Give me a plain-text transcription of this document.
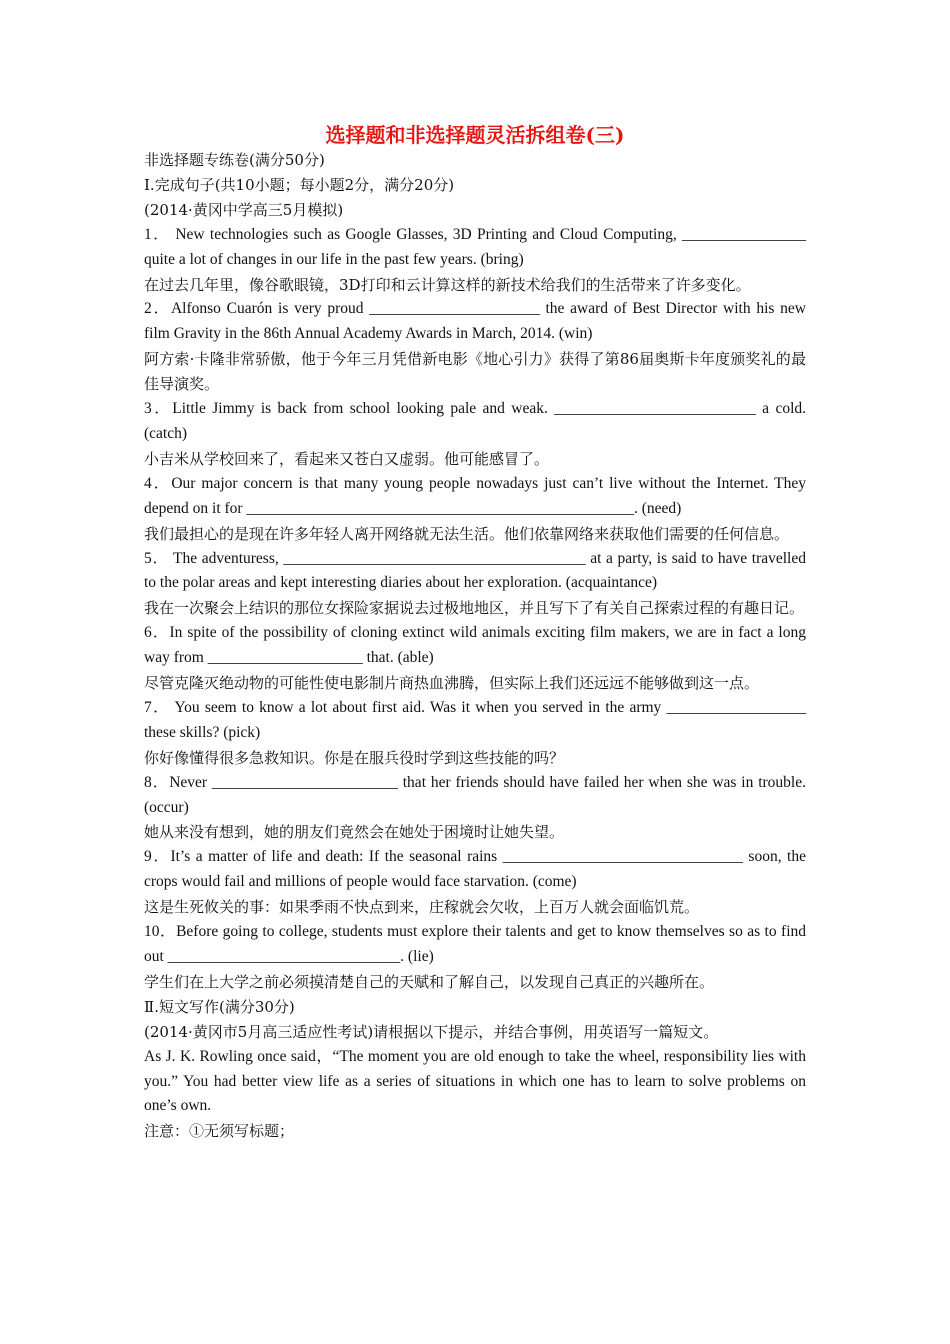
选择题和非选择题灵活拆组卷(三)
非选择题专练卷(满分50分)
Ⅰ.完成句子(共10小题；每小题2分，满分20分)
(2014·黄冈中学高三5月模拟)
1． New technologies such as Google Glasses, 3D Printing and Cloud Computing, ________________ quite a lot of changes in our life in the past few years. (bring)
在过去几年里，像谷歌眼镜，3D打印和云计算这样的新技术给我们的生活带来了许多变化。
2．Alfonso Cuarón is very proud ______________________ the award of Best Director with his new film Gravity in the 86th Annual Academy Awards in March, 2014. (win)
阿方索·卡隆非常骄傲，他于今年三月凭借新电影《地心引力》获得了第86届奥斯卡年度颁奖礼的最佳导演奖。
3．Little Jimmy is back from school looking pale and weak. __________________________ a cold. (catch)
小吉米从学校回来了，看起来又苍白又虚弱。他可能感冒了。
4．Our major concern is that many young people nowadays just can’t live without the Internet. They depend on it for __________________________________________________. (need)
我们最担心的是现在许多年轻人离开网络就无法生活。他们依靠网络来获取他们需要的任何信息。
5． The adventuress, _______________________________________ at a party, is said to have travelled to the polar areas and kept interesting diaries about her exploration. (acquaintance)
我在一次聚会上结识的那位女探险家据说去过极地地区，并且写下了有关自己探索过程的有趣日记。
6．In spite of the possibility of cloning extinct wild animals exciting film makers, we are in fact a long way from ____________________ that. (able)
尽管克隆灭绝动物的可能性使电影制片商热血沸腾，但实际上我们还远远不能够做到这一点。
7． You seem to know a lot about first aid. Was it when you served in the army __________________ these skills? (pick)
你好像懂得很多急救知识。你是在服兵役时学到这些技能的吗？
8．Never ________________________ that her friends should have failed her when she was in trouble.(occur)
她从来没有想到，她的朋友们竟然会在她处于困境时让她失望。
9．It’s a matter of life and death: If the seasonal rains _______________________________ soon, the crops would fail and millions of people would face starvation. (come)
这是生死攸关的事：如果季雨不快点到来，庄稼就会欠收，上百万人就会面临饥荒。
10．Before going to college, students must explore their talents and get to know themselves so as to find out ______________________________. (lie)
学生们在上大学之前必须摸清楚自己的天赋和了解自己，以发现自己真正的兴趣所在。
Ⅱ.短文写作(满分30分)
(2014·黄冈市5月高三适应性考试)请根据以下提示，并结合事例，用英语写一篇短文。
As J. K. Rowling once said，“The moment you are old enough to take the wheel, responsibility lies with you.” You had better view life as a series of situations in which one has to learn to solve problems on one’s own.
注意：①无须写标题；
